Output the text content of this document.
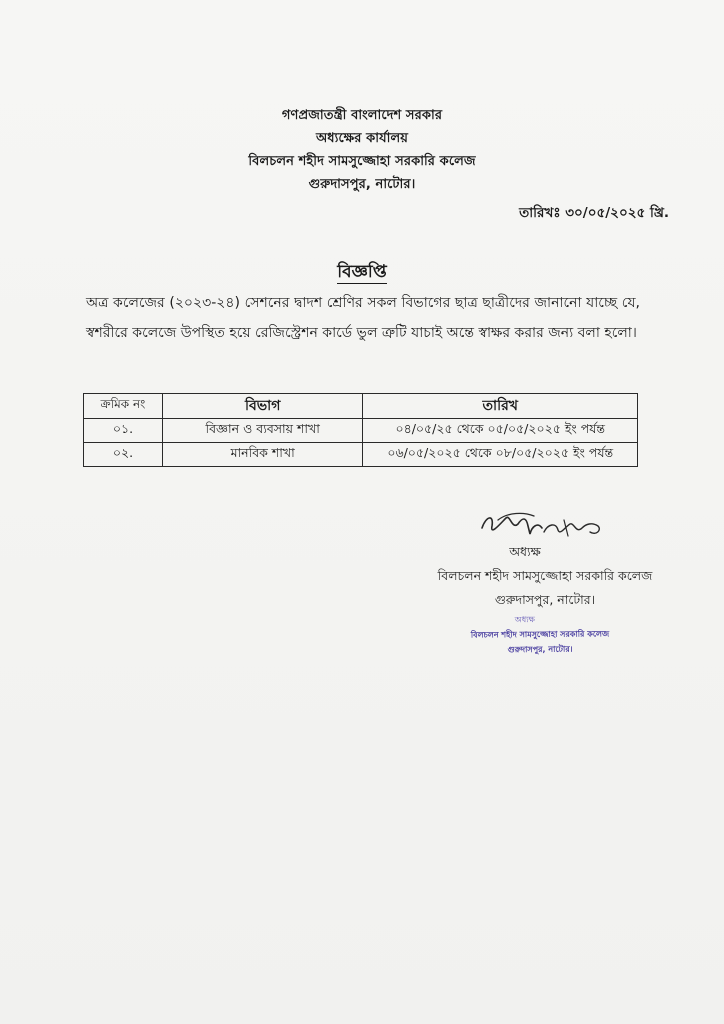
গণপ্রজাতন্ত্রী বাংলাদেশ সরকার
অধ্যক্ষের কার্যালয়
বিলচলন শহীদ সামসুজ্জোহা সরকারি কলেজ
গুরুদাসপুর, নাটোর।
তারিখঃ ৩০/০৫/২০২৫ খ্রি.
বিজ্ঞপ্তি
অত্র কলেজের (২০২৩-২৪) সেশনের দ্বাদশ শ্রেণির সকল বিভাগের ছাত্র ছাত্রীদের জানানো যাচ্ছে যে, স্বশরীরে কলেজে উপস্থিত হয়ে রেজিস্ট্রেশন কার্ডে ভুল ত্রুটি যাচাই অন্তে স্বাক্ষর করার জন্য বলা হলো।
ক্রমিক নং	বিভাগ	তারিখ
০১.	বিজ্ঞান ও ব্যবসায় শাখা	০৪/০৫/২৫ থেকে ০৫/০৫/২০২৫ ইং পর্যন্ত
০২.	মানবিক শাখা	০৬/০৫/২০২৫ থেকে ০৮/০৫/২০২৫ ইং পর্যন্ত
অধ্যক্ষ
বিলচলন শহীদ সামসুজ্জোহা সরকারি কলেজ
গুরুদাসপুর, নাটোর।
অধ্যক্ষ
বিলচলন শহীদ সামসুজ্জোহা সরকারি কলেজ
গুরুদাসপুর, নাটোর।
